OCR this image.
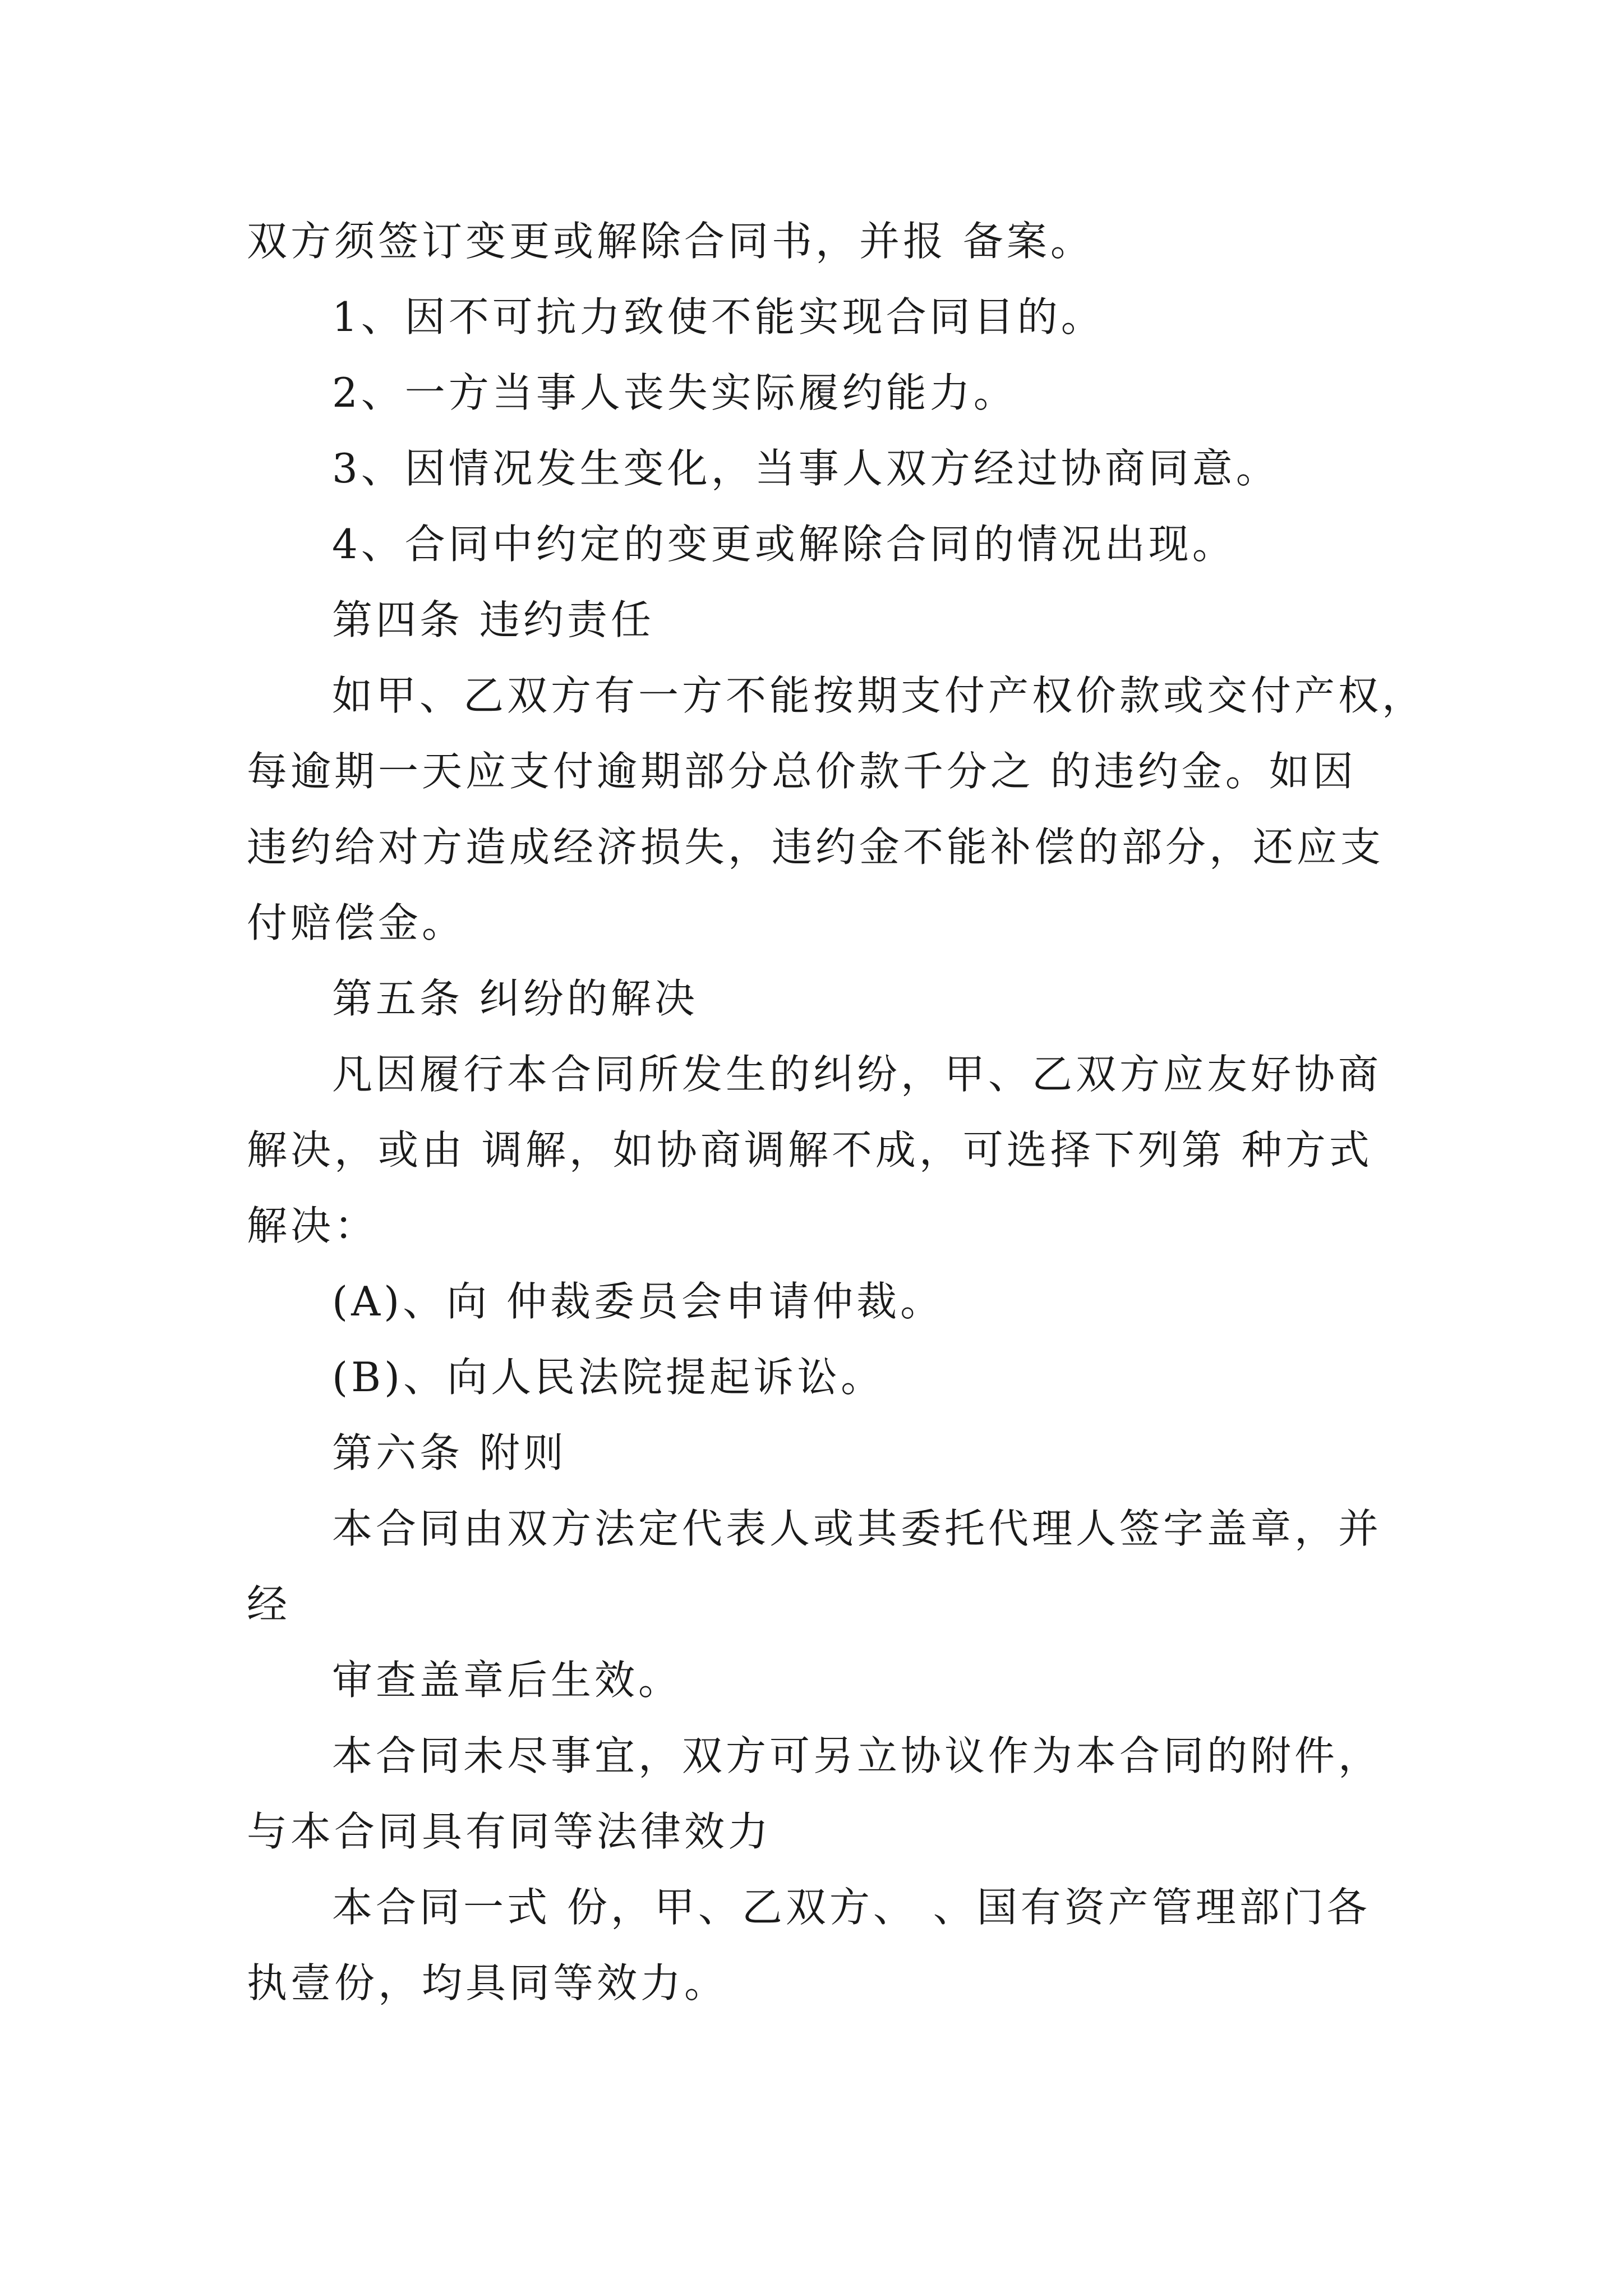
双方须签订变更或解除合同书，并报 备案。
1、因不可抗力致使不能实现合同目的。
2、一方当事人丧失实际履约能力。
3、因情况发生变化，当事人双方经过协商同意。
4、合同中约定的变更或解除合同的情况出现。
第四条 违约责任
如甲、乙双方有一方不能按期支付产权价款或交付产权，
每逾期一天应支付逾期部分总价款千分之 的违约金。如因
违约给对方造成经济损失，违约金不能补偿的部分，还应支
付赔偿金。
第五条 纠纷的解决
凡因履行本合同所发生的纠纷，甲、乙双方应友好协商
解决，或由 调解，如协商调解不成，可选择下列第 种方式
解决：
(A)、向 仲裁委员会申请仲裁。
(B)、向人民法院提起诉讼。
第六条 附则
本合同由双方法定代表人或其委托代理人签字盖章，并
经
审查盖章后生效。
本合同未尽事宜，双方可另立协议作为本合同的附件，
与本合同具有同等法律效力
本合同一式 份，甲、乙双方、 、国有资产管理部门各
执壹份，均具同等效力。
